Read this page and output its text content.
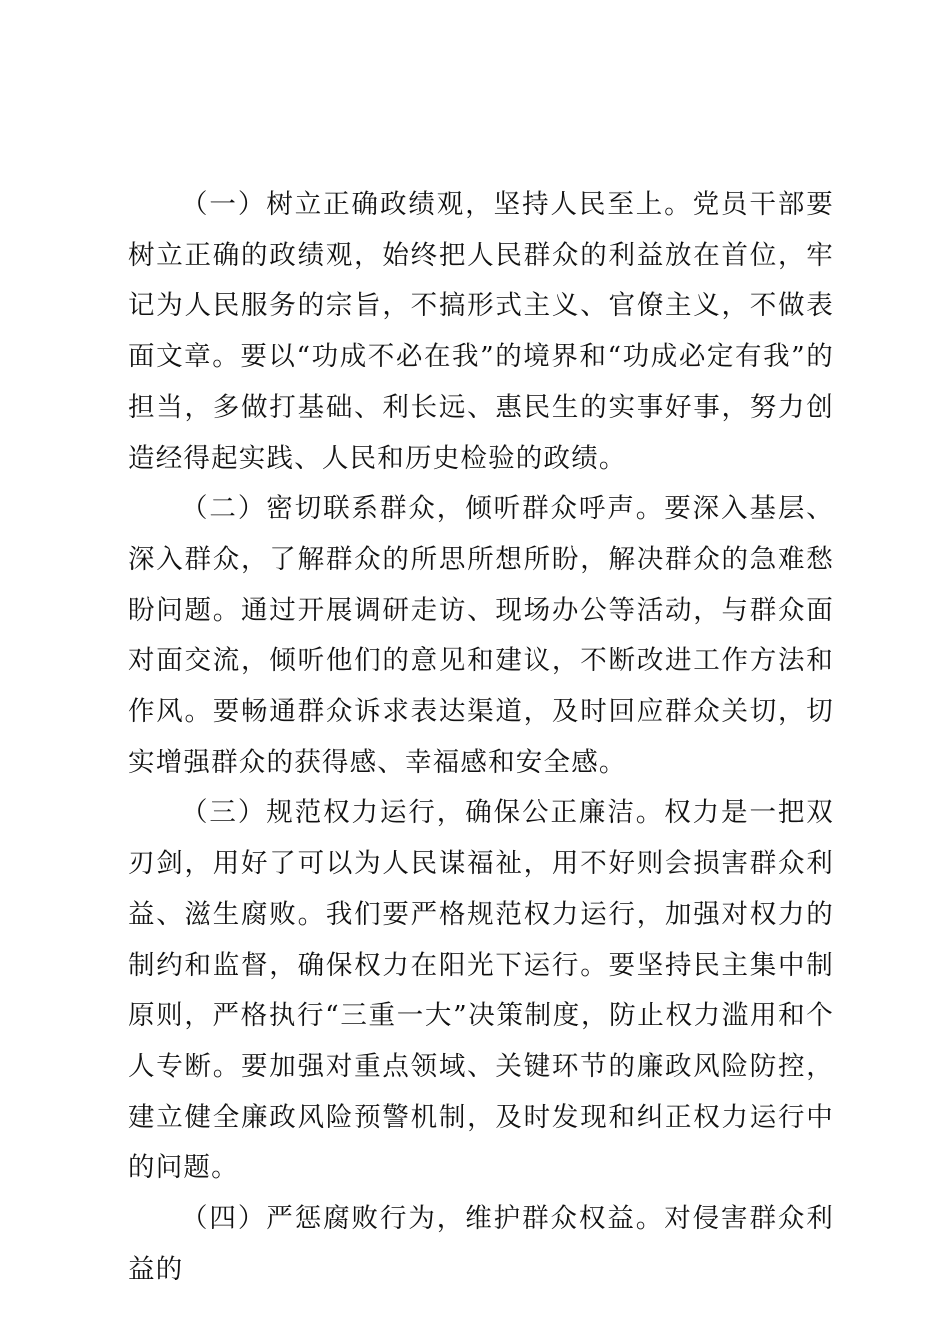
（一）树立正确政绩观，坚持人民至上。党员干部要树立正确的政绩观，始终把人民群众的利益放在首位，牢记为人民服务的宗旨，不搞形式主义、官僚主义，不做表面文章。要以“功成不必在我”的境界和“功成必定有我”的担当，多做打基础、利长远、惠民生的实事好事，努力创造经得起实践、人民和历史检验的政绩。

（二）密切联系群众，倾听群众呼声。要深入基层、深入群众，了解群众的所思所想所盼，解决群众的急难愁盼问题。通过开展调研走访、现场办公等活动，与群众面对面交流，倾听他们的意见和建议，不断改进工作方法和作风。要畅通群众诉求表达渠道，及时回应群众关切，切实增强群众的获得感、幸福感和安全感。

（三）规范权力运行，确保公正廉洁。权力是一把双刃剑，用好了可以为人民谋福祉，用不好则会损害群众利益、滋生腐败。我们要严格规范权力运行，加强对权力的制约和监督，确保权力在阳光下运行。要坚持民主集中制原则，严格执行“三重一大”决策制度，防止权力滥用和个人专断。要加强对重点领域、关键环节的廉政风险防控，建立健全廉政风险预警机制，及时发现和纠正权力运行中的问题。

（四）严惩腐败行为，维护群众权益。对侵害群众利益的
